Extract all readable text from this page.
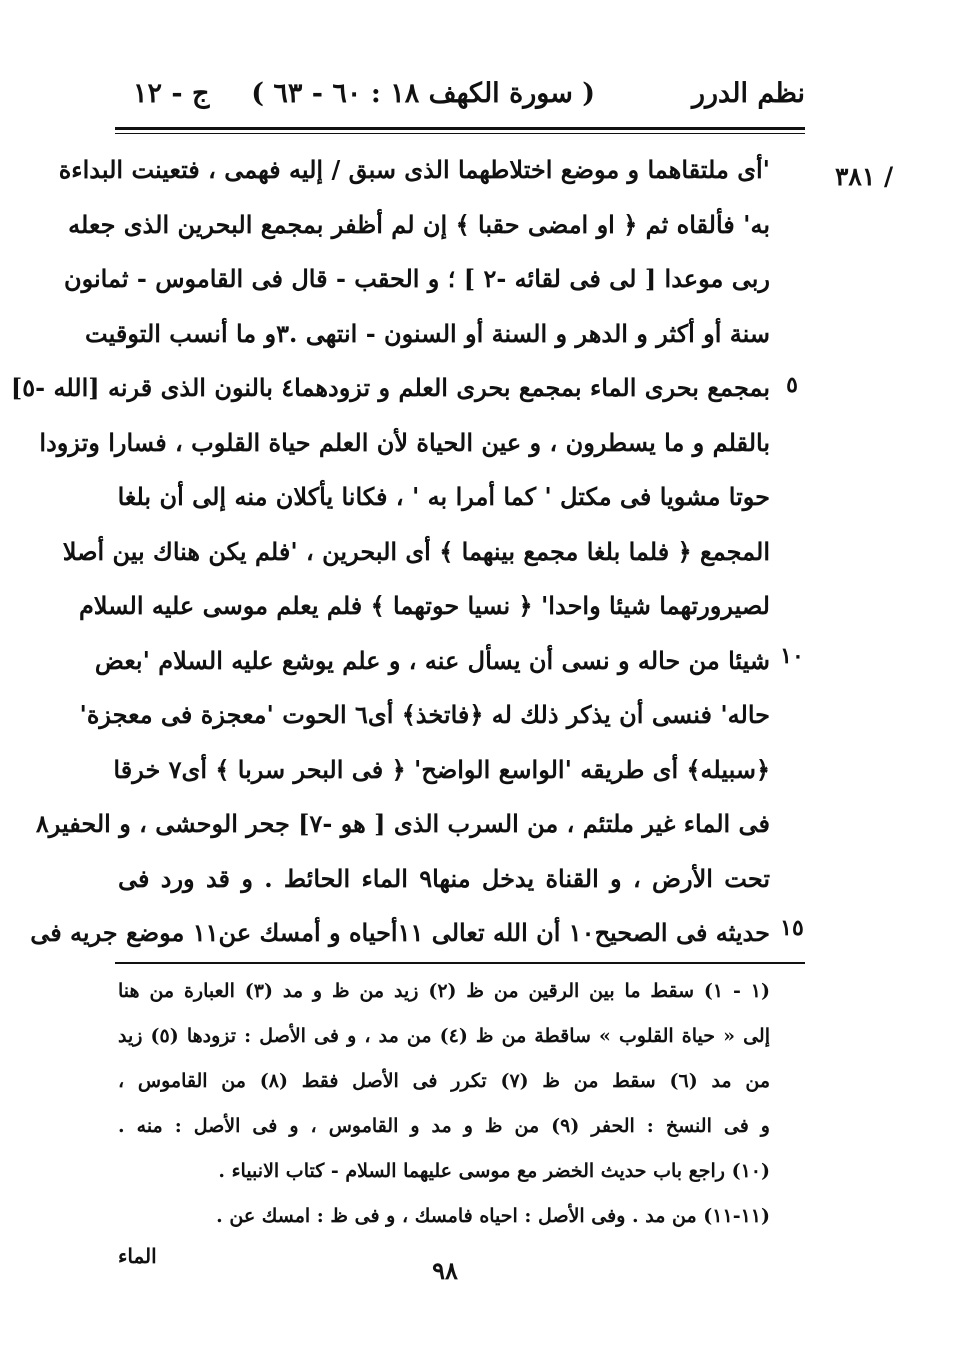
نظم الدرر
( سورة الكهف ١٨ : ٦٠ - ٦٣ )
ج - ١٢
/ ٣٨١
'أى ملتقاهما و موضع اختلاطهما الذى سبق / إليه فهمى ، فتعينت البداءة
به' فألقاه ثم ﴿ او امضى حقبا ﴾ إن لم أظفر بمجمع البحرين الذى جعله
ربى موعدا [ لى فى لقائه -٢ ] ؛ و الحقب - قال فى القاموس - ثمانون
سنة أو أكثر و الدهر و السنة أو السنون - انتهى .٣و ما أنسب التوقيت
بمجمع بحرى الماء بمجمع بحرى العلم و تزودهما٤ بالنون الذى قرنه [الله -٥]
بالقلم و ما يسطرون ، و عين الحياة لأن العلم حياة القلوب ، فسارا وتزودا
حوتا مشويا فى مكتل ' كما أمرا به ' ، فكانا يأكلان منه إلى أن بلغا
المجمع ﴿ فلما بلغا مجمع بينهما ﴾ أى البحرين ، 'فلم يكن هناك بين أصلا
لصيرورتهما شيئا واحدا' ﴿ نسيا حوتهما ﴾ فلم يعلم موسى عليه السلام
شيئا من حاله و نسى أن يسأل عنه ، و علم يوشع عليه السلام 'بعض
حاله' فنسى أن يذكر ذلك له ﴿فاتخذ﴾ أى٦ الحوت 'معجزة فى معجزة'
﴿سبيله﴾ أى طريقه 'الواسع الواضح' ﴿ فى البحر سربا ﴾ أى٧ خرقا
فى الماء غير ملتئم ، من السرب الذى [ هو -٧] جحر الوحشى ، و الحفير٨
تحت الأرض ، و القناة يدخل منها٩ الماء الحائط . و قد ورد فى
حديثه فى الصحيح١٠ أن الله تعالى ١١أحياه و أمسك عن١١ موضع جريه فى
٥
١٠
١٥
(١ - ١) سقط ما بين الرقين من ظ (٢) زيد من ظ و مد (٣) العبارة من هنا
إلى « حياة القلوب » ساقطة من ظ (٤) من مد ، و فى الأصل : تزودها (٥) زيد
من مد (٦) سقط من ظ (٧) تكرر فى الأصل فقط (٨) من القاموس ،
و فى النسخ : الحفر (٩) من ظ و مد و القاموس ، و فى الأصل : منه .
(١٠) راجع باب حديث الخضر مع موسى عليهما السلام - كتاب الانبياء .
(١١-١١) من مد . وفى الأصل : احياه فامسك ، و فى ظ : امسك عن .
الماء	٩٨
